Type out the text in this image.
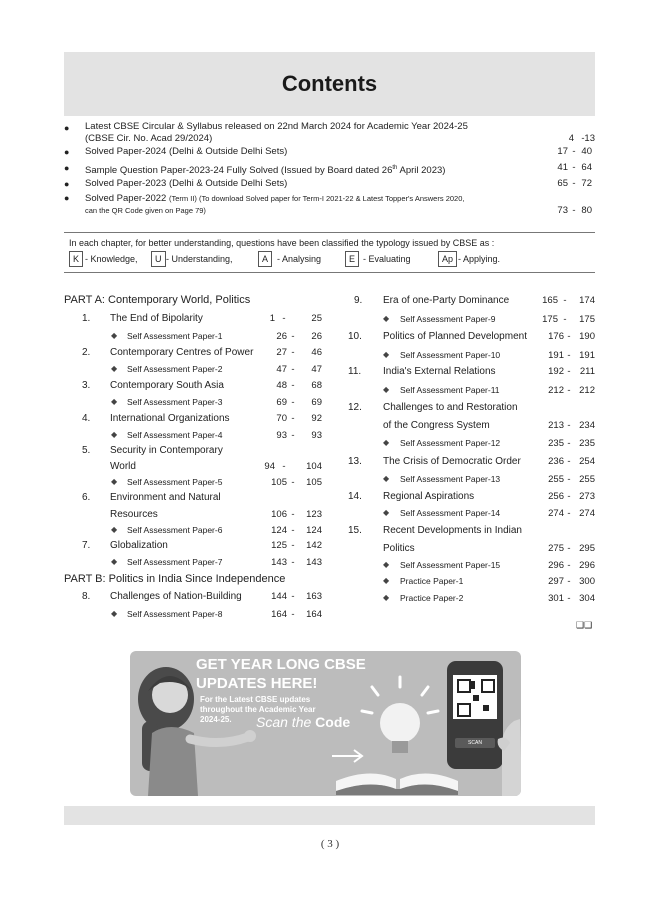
Contents
● Latest CBSE Circular & Syllabus released on 22nd March 2024 for Academic Year 2024-25
(CBSE Cir. No. Acad 29/2024)	4 - 13
● Solved Paper-2024 (Delhi & Outside Delhi Sets)	17 - 40
● Sample Question Paper-2023-24 Fully Solved (Issued by Board dated 26th April 2023)	41 - 64
● Solved Paper-2023 (Delhi & Outside Delhi Sets)	65 - 72
● Solved Paper-2022 (Term II) (To download Solved paper for Term-I 2021-22 & Latest Topper's Answers 2020,
can the QR Code given on Page 79)	73 - 80
In each chapter, for better understanding, questions have been classified the typology issued by CBSE as :
K - Knowledge,	U - Understanding,	A - Analysing	E - Evaluating	Ap - Applying.
PART A: Contemporary World, Politics
1. The End of Bipolarity	1 -	25
◆ Self Assessment Paper-1	26 -	26
2. Contemporary Centres of Power	27 -	46
◆ Self Assessment Paper-2	47 -	47
3. Contemporary South Asia	48 -	68
◆ Self Assessment Paper-3	69 -	69
4. International Organizations	70 -	92
◆ Self Assessment Paper-4	93 -	93
5. Security in Contemporary
World	94 -	104
◆ Self Assessment Paper-5	105 -	105
6. Environment and Natural
Resources	106 -	123
◆ Self Assessment Paper-6	124 -	124
7. Globalization	125 -	142
◆ Self Assessment Paper-7	143 -	143
PART B: Politics in India Since Independence
8. Challenges of Nation-Building	144 -	163
◆ Self Assessment Paper-8	164 -	164
9. Era of one-Party Dominance	165 -	174
◆ Self Assessment Paper-9	175 -	175
10. Politics of Planned Development	176 - 190
◆ Self Assessment Paper-10	191 - 191
11. India's External Relations	192 - 211
◆ Self Assessment Paper-11	212 - 212
12. Challenges to and Restoration
of the Congress System	213 - 234
◆ Self Assessment Paper-12	235 - 235
13. The Crisis of Democratic Order	236 - 254
◆ Self Assessment Paper-13	255 - 255
14. Regional Aspirations	256 - 273
◆ Self Assessment Paper-14	274 - 274
15. Recent Developments in Indian
Politics	275 - 295
◆ Self Assessment Paper-15	296 - 296
◆ Practice Paper-1	297 - 300
◆ Practice Paper-2	301 - 304
❑❑
GET YEAR LONG CBSE
UPDATES HERE!
For the Latest CBSE updates
throughout the Academic Year
2024-25.	Scan the Code
SCAN
( 3 )
